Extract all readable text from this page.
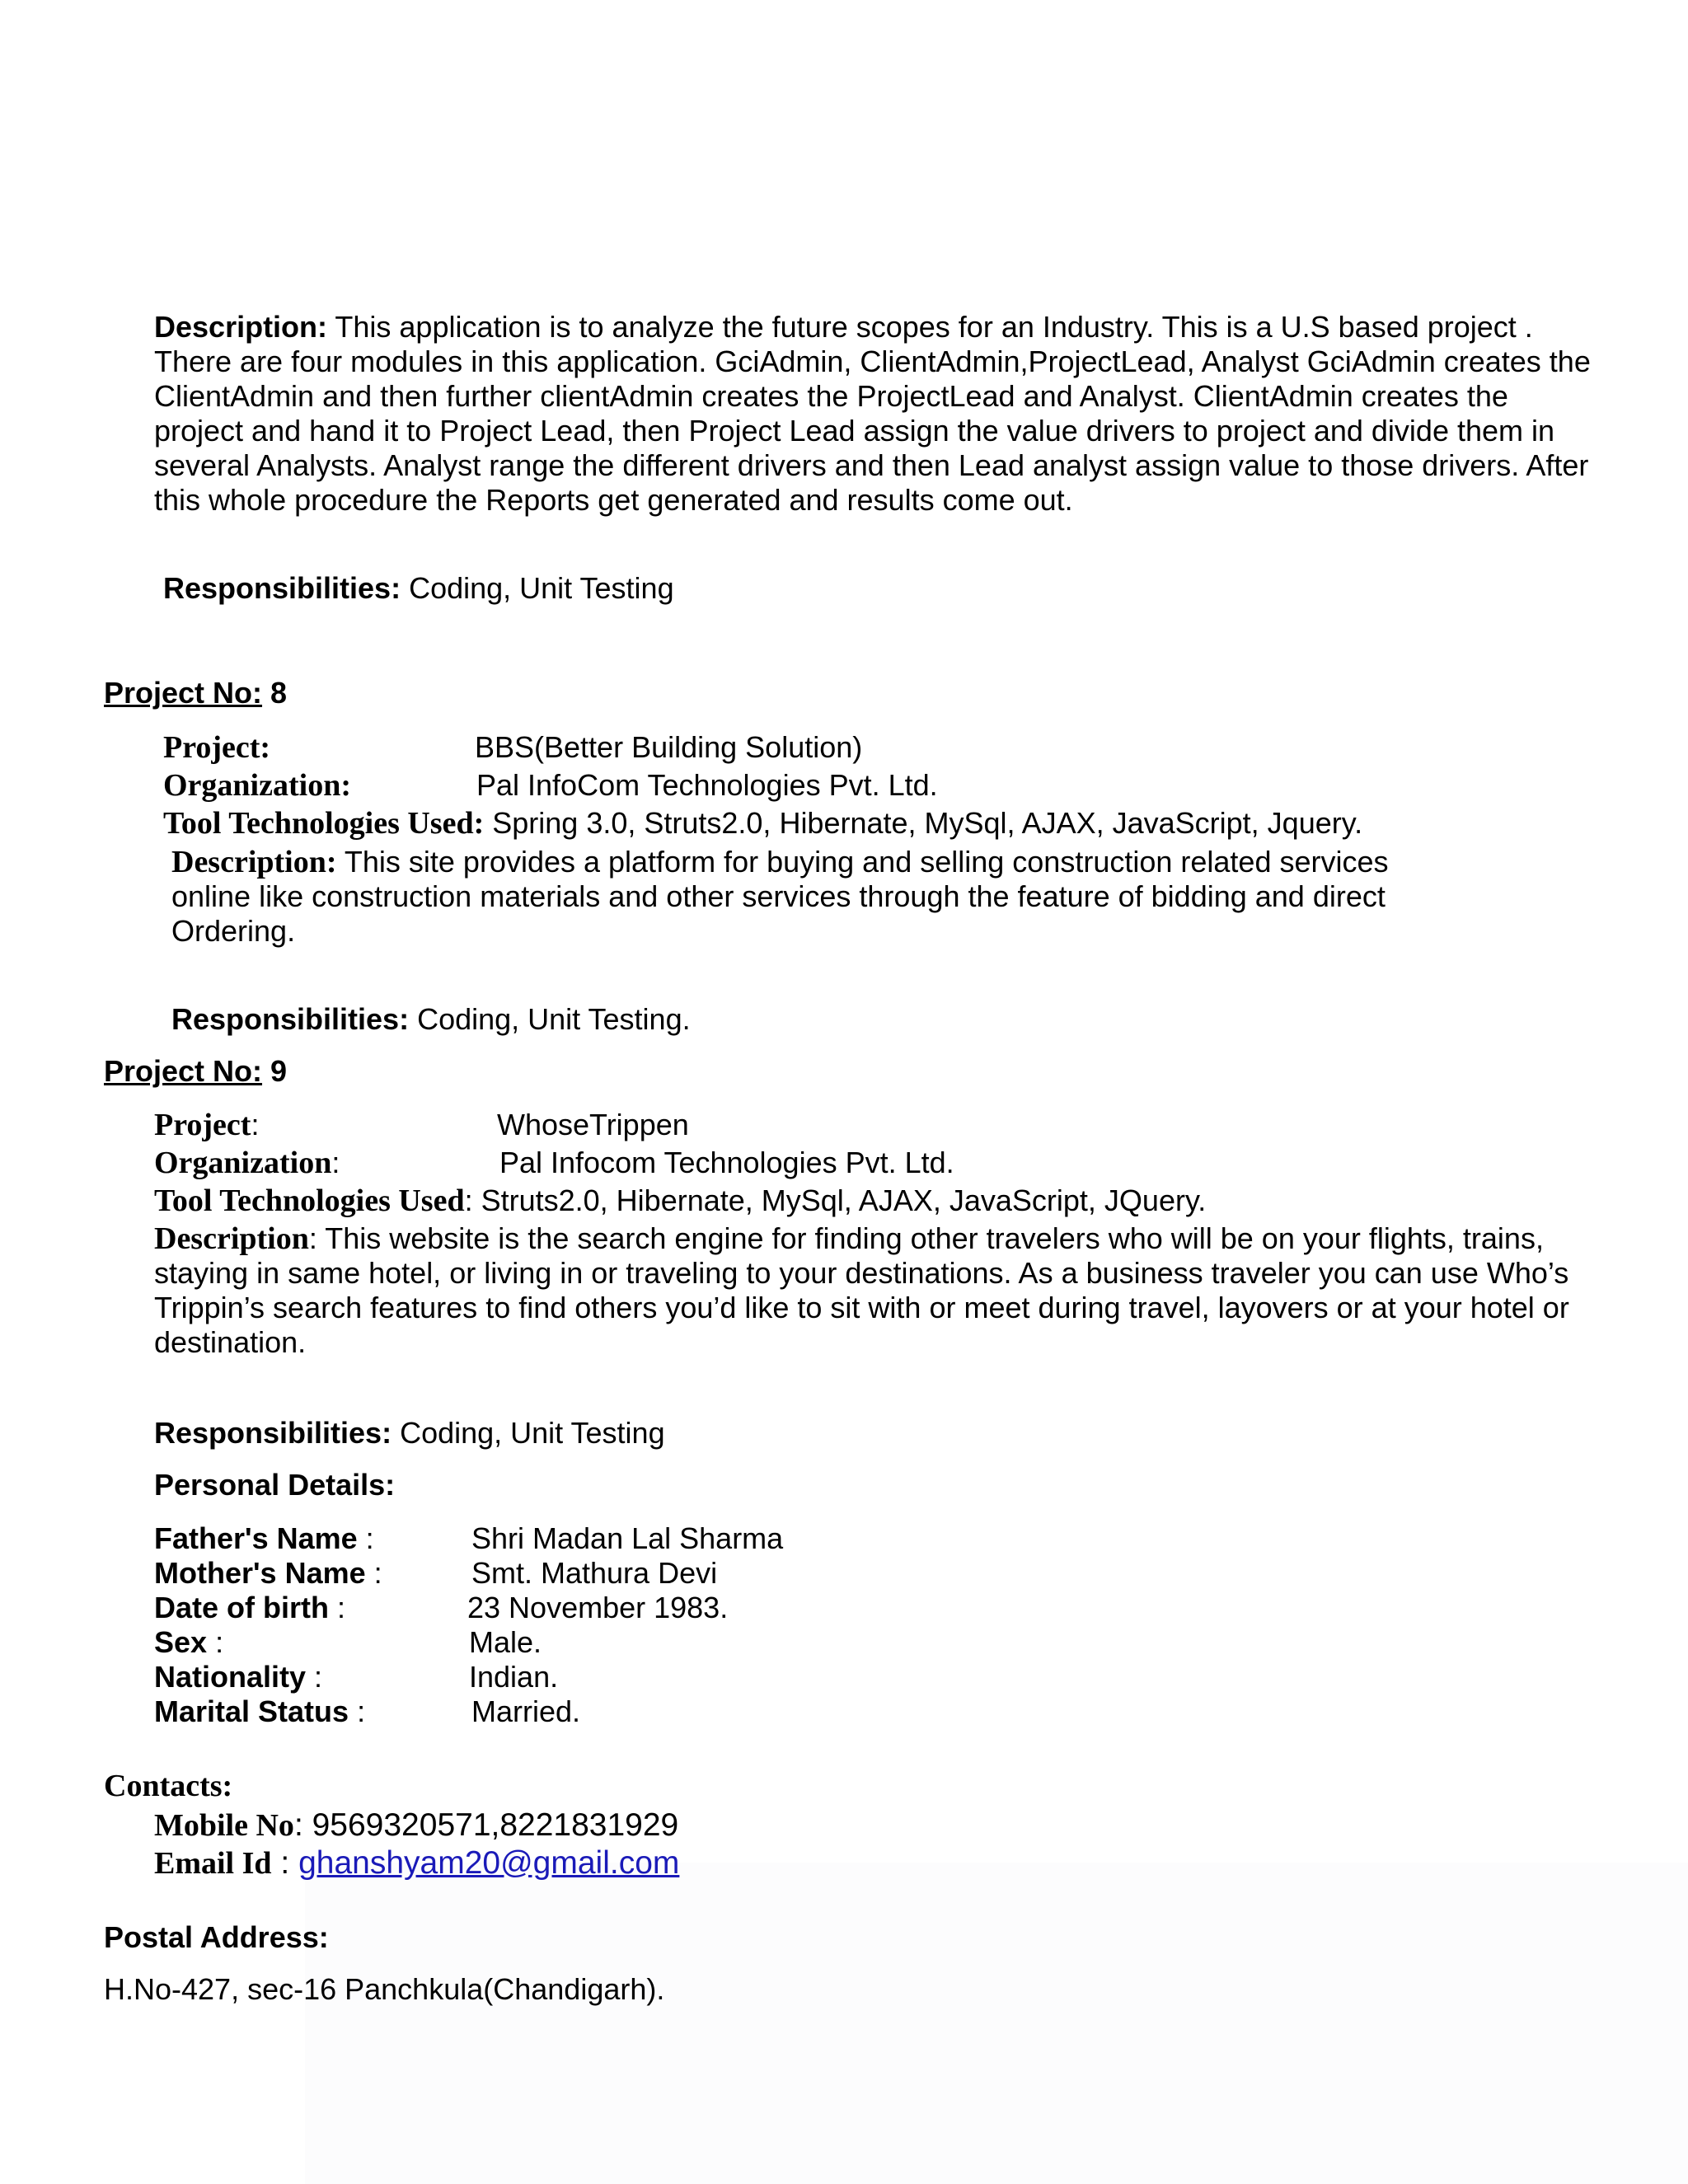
Description: This application is to analyze the future scopes for an Industry. This is a U.S based project . There are four modules in this application. GciAdmin, ClientAdmin,ProjectLead, Analyst GciAdmin creates the ClientAdmin and then further clientAdmin creates the ProjectLead and Analyst. ClientAdmin creates the project and hand it to Project Lead, then Project Lead assign the value drivers to project and divide them in several Analysts. Analyst range the different drivers and then Lead analyst assign value to those drivers. After this whole procedure the Reports get generated and results come out.

Responsibilities: Coding, Unit Testing

Project No: 8

Project:	BBS(Better Building Solution)
Organization:	Pal InfoCom Technologies Pvt. Ltd.
Tool Technologies Used: Spring 3.0, Struts2.0, Hibernate, MySql, AJAX, JavaScript, Jquery.

Description: This site provides a platform for buying and selling construction related services online like construction materials and other services through the feature of bidding and direct Ordering.

Responsibilities: Coding, Unit Testing.

Project No: 9

Project:	WhoseTrippen
Organization:	Pal Infocom Technologies Pvt. Ltd.
Tool Technologies Used: Struts2.0, Hibernate, MySql, AJAX, JavaScript, JQuery.

Description: This website is the search engine for finding other travelers who will be on your flights, trains, staying in same hotel, or living in or traveling to your destinations. As a business traveler you can use Who’s Trippin’s search features to find others you’d like to sit with or meet during travel, layovers or at your hotel or destination.

Responsibilities: Coding, Unit Testing

Personal Details:

Father's Name :	Shri Madan Lal Sharma
Mother's Name :	Smt. Mathura Devi
Date of birth :	23 November 1983.
Sex :	Male.
Nationality :	Indian.
Marital Status :	Married.

Contacts:

Mobile No: 9569320571,8221831929
Email Id : ghanshyam20@gmail.com

Postal Address:

H.No-427, sec-16 Panchkula(Chandigarh).
